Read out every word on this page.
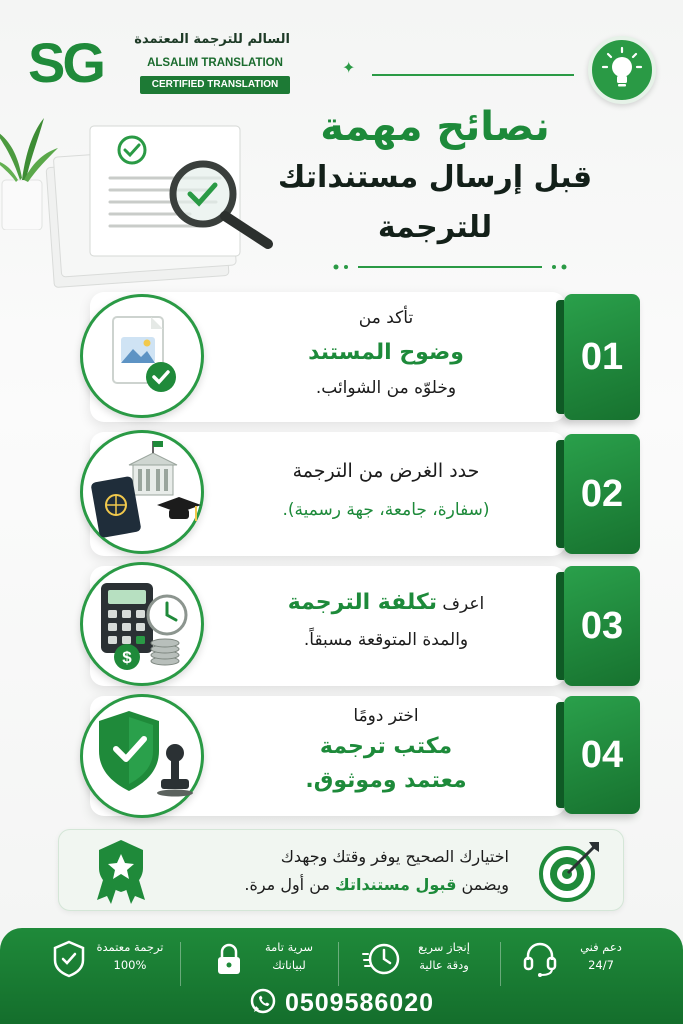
SG السالم للترجمة المعتمدة
ALSALIM TRANSLATION
CERTIFIED TRANSLATION
✦
نصائح مهمة
قبل إرسال مستنداتك
للترجمة
01
تأكد من
وضوح المستند
وخلوّه من الشوائب.
02
حدد الغرض من الترجمة
(سفارة، جامعة، جهة رسمية).
$
03
اعرف تكلفة الترجمة
والمدة المتوقعة مسبقاً.
04
اختر دومًا
مكتب ترجمة
معتمد وموثوق.
اختيارك الصحيح يوفر وقتك وجهدك
ويضمن قبول مستنداتك من أول مرة.
ترجمة معتمدة
100%
سرية تامة
لبياناتك
إنجاز سريع
ودقة عالية
دعم فني
24/7
0509586020
